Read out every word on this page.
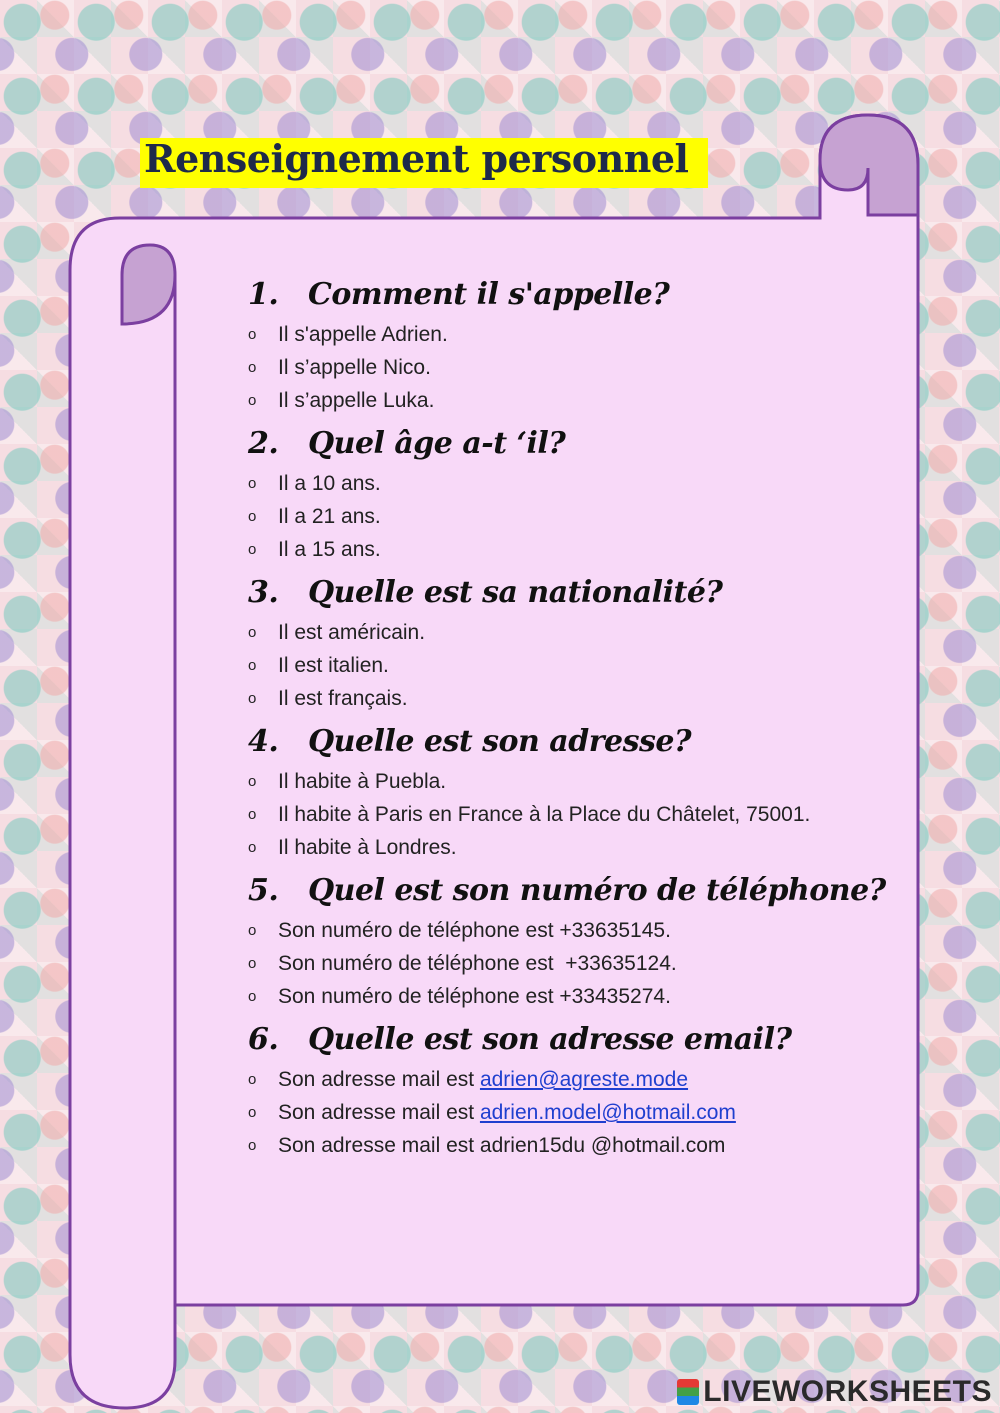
Renseignement personnel
1. Comment il s'appelle?
o	Il s'appelle Adrien.
o	Il s’appelle Nico.
o	Il s’appelle Luka.
2. Quel âge a-t ‘il?
o	Il a 10 ans.
o	Il a 21 ans.
o	Il a 15 ans.
3. Quelle est sa nationalité?
o	Il est américain.
o	Il est italien.
o	Il est français.
4. Quelle est son adresse?
o	Il habite à Puebla.
o	Il habite à Paris en France à la Place du Châtelet, 75001.
o	Il habite à Londres.
5. Quel est son numéro de téléphone?
o	Son numéro de téléphone est +33635145.
o	Son numéro de téléphone est  +33635124.
o	Son numéro de téléphone est +33435274.
6. Quelle est son adresse email?
o	Son adresse mail est adrien@agreste.mode
o	Son adresse mail est adrien.model@hotmail.com
o	Son adresse mail est adrien15du @hotmail.com
LIVEWORKSHEETS
